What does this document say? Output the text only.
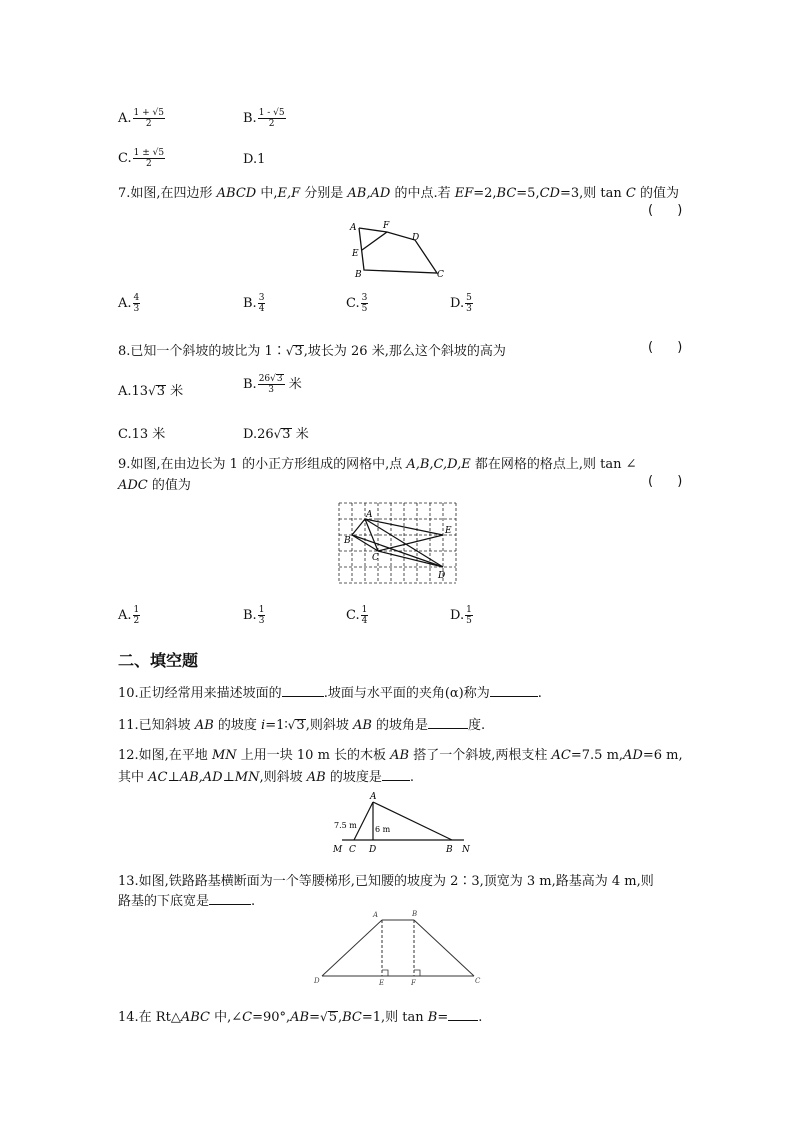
A. $\frac{1 + √5}{2}$	B. $\frac{1 - √5}{2}$
C. $\frac{1 \pm √5}{2}$	D.1
7.如图,在四边形 ABCD 中,E,F 分别是 AB,AD 的中点.若 EF=2,BC=5,CD=3,则 tan C 的值为
( )
A	F
D
E
B	C
A. $\frac{4}{3}$	B. $\frac{3}{4}$	C. $\frac{3}{5}$	D. $\frac{5}{3}$
8.已知一个斜坡的坡比为 1∶√3,坡长为 26 米,那么这个斜坡的高为	( )
A.13√3 米	B. $\frac{26√3}{3}$ 米
C.13 米	D.26√3 米
9.如图,在由边长为 1 的小正方形组成的网格中,点 A,B,C,D,E 都在网格的格点上,则 tan ∠
ADC 的值为	( )
A
E
B
C
D
A. $\frac{1}{2}$	B. $\frac{1}{3}$	C. $\frac{1}{4}$	D. $\frac{1}{5}$
二、填空题
10.正切经常用来描述坡面的	.坡面与水平面的夹角(α)称为	.
11.已知斜坡 AB 的坡度 i=1∶√3,则斜坡 AB 的坡角是	度.
12.如图,在平地 MN 上用一块 10 m 长的木板 AB 搭了一个斜坡,两根支柱 AC=7.5 m,AD=6 m,
其中 AC⊥AB,AD⊥MN,则斜坡 AB 的坡度是 .
A
7.5 m 6 m
M C D	B N
13.如图,铁路路基横断面为一个等腰梯形,已知腰的坡度为 2∶3,顶宽为 3 m,路基高为 4 m,则
路基的下底宽是	.
A	B
D	E	F	C
14.在 Rt△ABC 中,∠C=90°,AB=√5,BC=1,则 tan B= .
